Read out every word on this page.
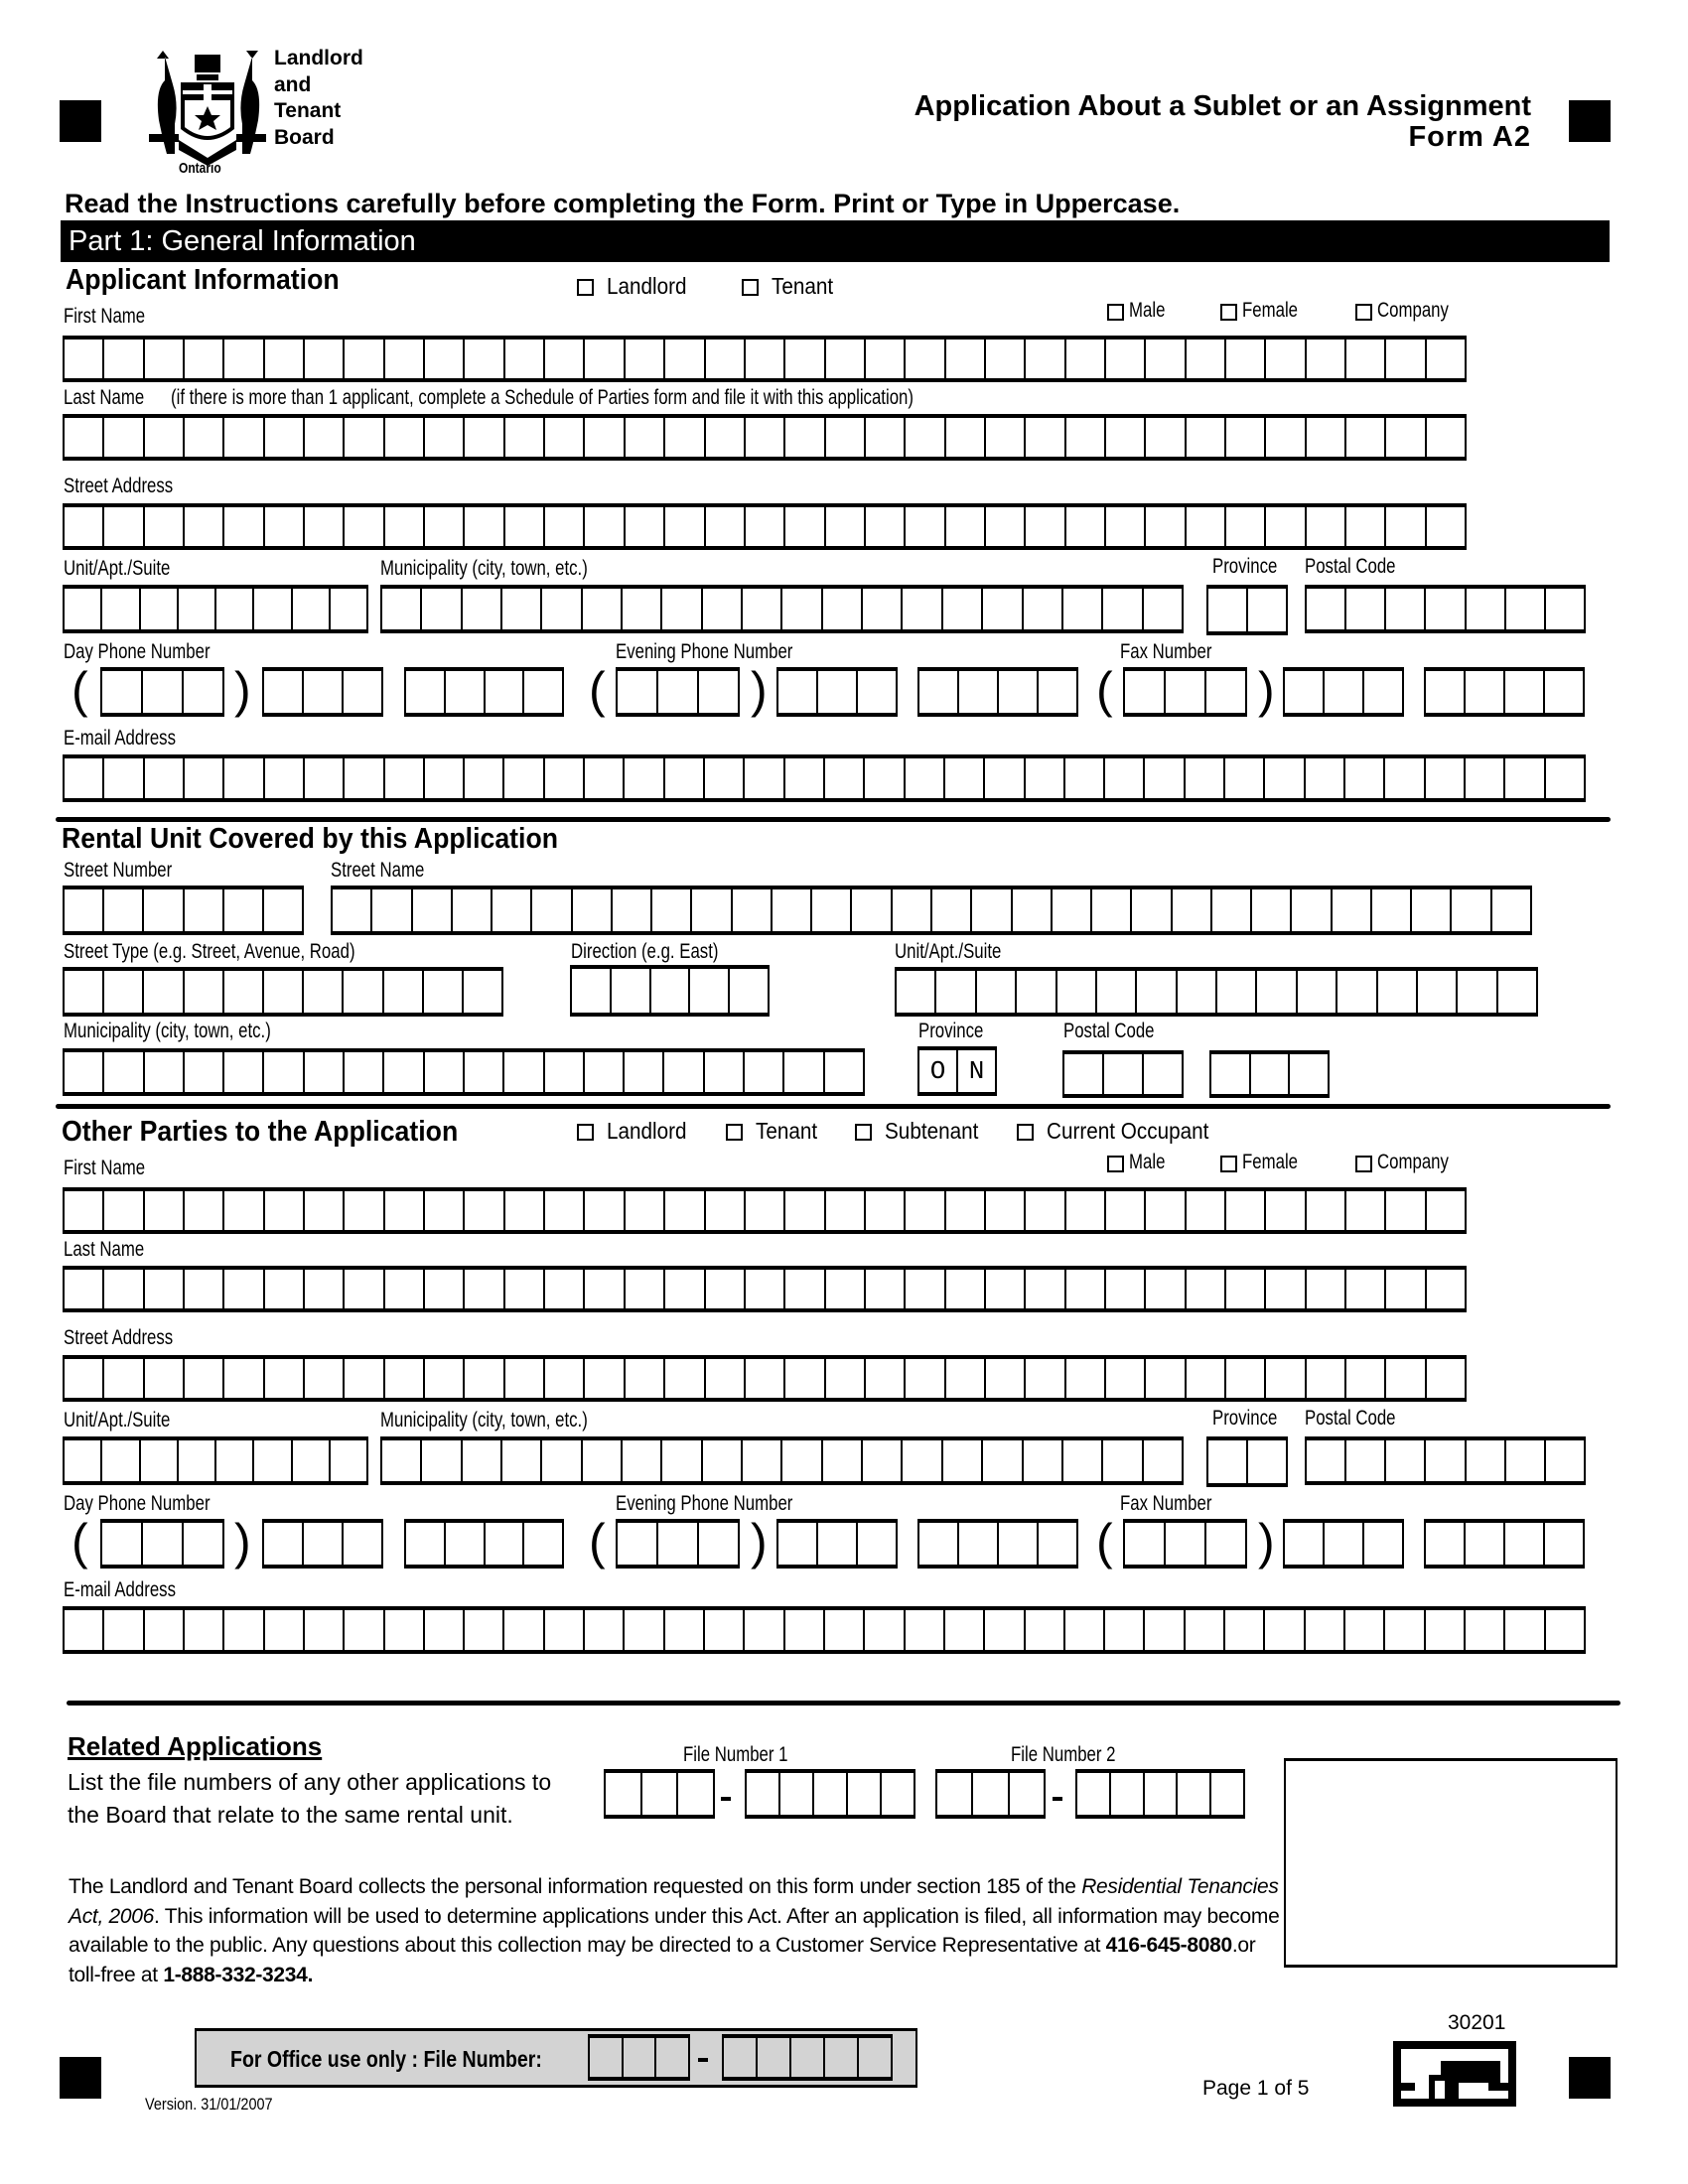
Ontario
Landlord
and
Tenant
Board
Application About a Sublet or an Assignment
Form A2
Read the Instructions carefully before completing the Form. Print or Type in Uppercase.
Part 1: General Information
Applicant Information	Landlord	Tenant
(if there is more than 1 applicant, complete a Schedule of Parties form and file it with this application)
Rental Unit Covered by this Application
Street Number	Street Name
Street Type (e.g. Street, Avenue, Road)	Direction (e.g. East)	Unit/Apt./Suite
Municipality (city, town, etc.)	Province	Postal Code
Other Parties to the Application	Landlord	Tenant	Subtenant	Current Occupant
Related Applications
List the file numbers of any other applications to
the Board that relate to the same rental unit.
File Number 1	File Number 2
The Landlord and Tenant Board collects the personal information requested on this form under section 185 of the Residential Tenancies Act, 2006. This information will be used to determine applications under this Act. After an application is filed, all information may become available to the public. Any questions about this collection may be directed to a Customer Service Representative at 416-645-8080.or toll-free at 1-888-332-3234.
For Office use only : File Number:
30201
Page 1 of 5
Version. 31/01/2007
Male	Female	Company
First Name
Last Name
Street Address
Unit/Apt./Suite	Municipality (city, town, etc.)	Province Postal Code
Day Phone Number	Evening Phone Number	Fax Number
(	)	(	)	(	)
E-mail Address
Male	Female	Company
First Name
Last Name
Street Address
Unit/Apt./Suite	Municipality (city, town, etc.)	Province Postal Code
Day Phone Number	Evening Phone Number	Fax Number
(	)	(	)	(	)
E-mail Address
O N
